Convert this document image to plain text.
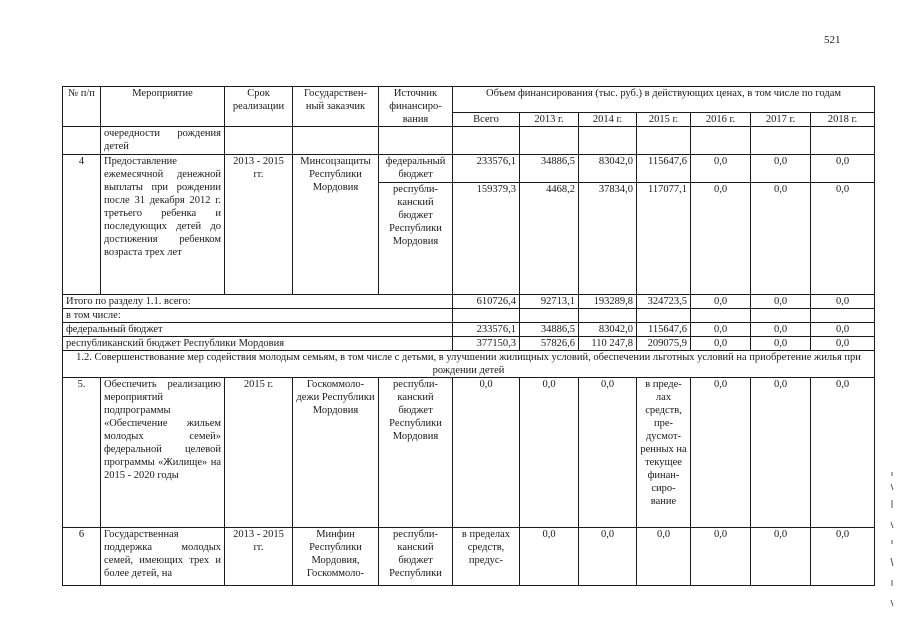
521
№ п/п	Мероприятие	Срок реализации	Государствен-ный заказчик	Источник финансиро-вания	Объем финансирования (тыс. руб.) в действующих ценах, в том числе по годам						
					Всего	2013 г.	2014 г.	2015 г.	2016 г.	2017 г.	2018 г.
	очередности рождения детей										
4	Предоставление ежемесячной денежной выплаты при рождении после 31 декабря 2012 г. третьего ребенка и последующих детей до достижения ребенком возраста трех лет	2013 - 2015 гг.	Минсоцзащиты Республики Мордовия	федеральный бюджет	233576,1	34886,5	83042,0	115647,6	0,0	0,0	0,0
				республи-канский бюджет Республики Мордовия	159379,3	4468,2	37834,0	117077,1	0,0	0,0	0,0
Итого по разделу 1.1. всего:					610726,4	92713,1	193289,8	324723,5	0,0	0,0	0,0
в том числе:											
федеральный бюджет					233576,1	34886,5	83042,0	115647,6	0,0	0,0	0,0
республиканский бюджет Республики Мордовия					377150,3	57826,6	110 247,8	209075,9	0,0	0,0	0,0
1.2. Совершенствование мер содействия молодым семьям, в том числе с детьми, в улучшении жилищных условий, обеспечении льготных условий на приобретение жилья при рождении детей											
5.	Обеспечить реализацию мероприятий подпрограммы «Обеспечение жильем молодых семей» федеральной целевой программы «Жилище» на 2015 - 2020 годы	2015 г.	Госкоммоло-дежи Республики Мордовия	республи-канский бюджет Республики Мордовия	0,0	0,0	0,0	в преде-лах средств, пре-дусмот-ренных на текущее финан-сиро-вание	0,0	0,0	0,0
6	Государственная поддержка молодых семей, имеющих трех и более детей, на	2013 - 2015 гг.	Минфин Республики Мордовия, Госкоммоло-	республи-канский бюджет Республики	в пределах средств, предус-	0,0	0,0	0,0	0,0	0,0	0,0
